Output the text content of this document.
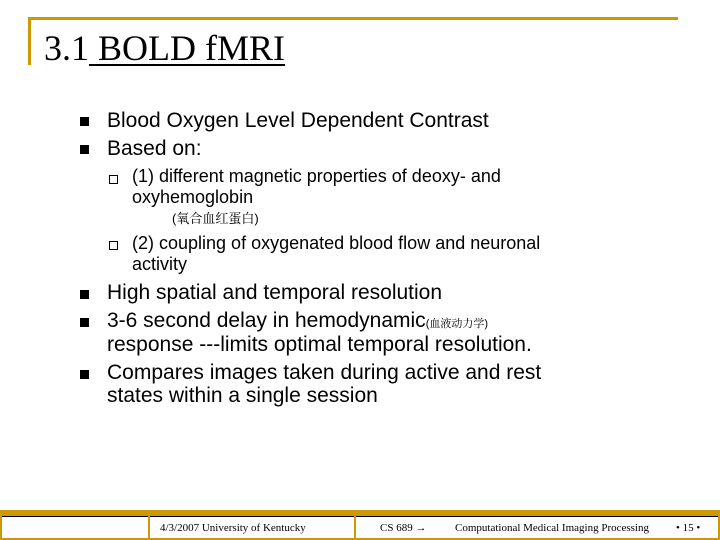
3.1 BOLD fMRI
Blood Oxygen Level Dependent Contrast
Based on:
(1) different magnetic properties of deoxy- and
oxyhemoglobin
(氧合血红蛋白)
(2) coupling of oxygenated blood flow and neuronal
activity
High spatial and temporal resolution
3-6 second delay in hemodynamic(血液动力学)
response ---limits optimal temporal resolution.
Compares images taken during active and rest
states within a single session
4/3/2007 University of Kentucky	CS 689 →	Computational Medical Imaging Processing • 15 •
